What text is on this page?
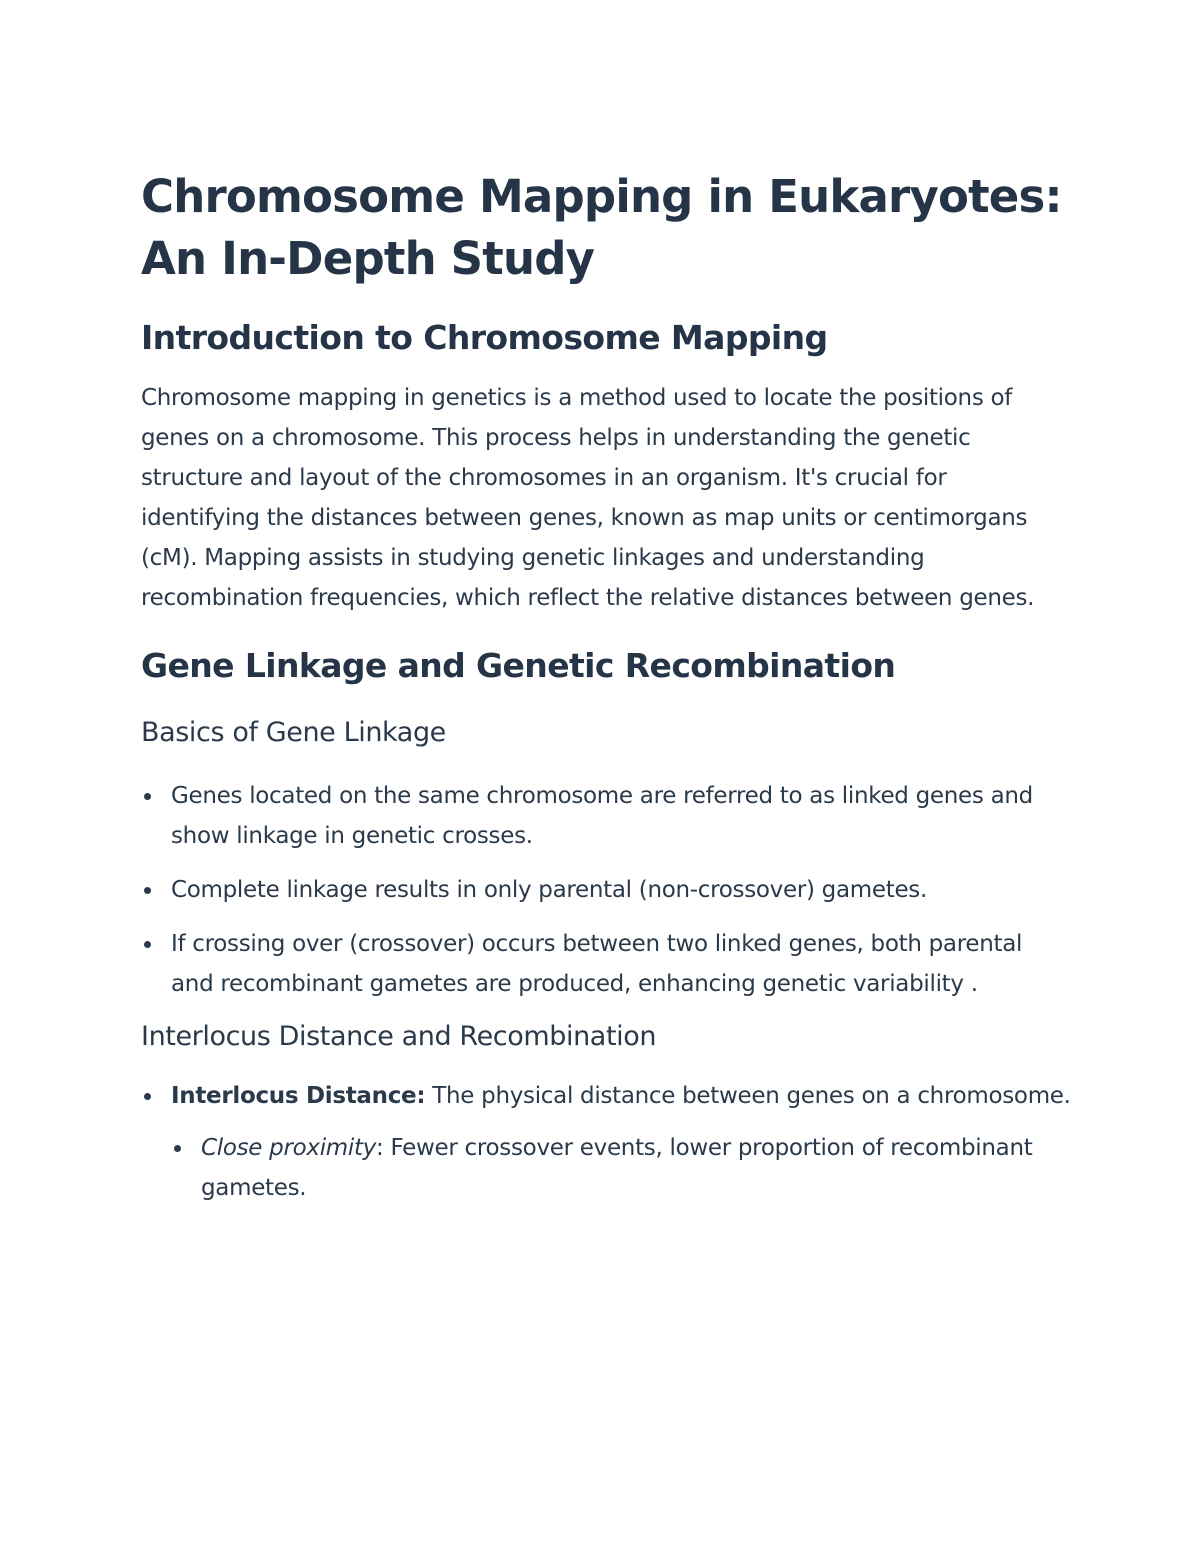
Chromosome Mapping in Eukaryotes: An In-Depth Study
Introduction to Chromosome Mapping

Chromosome mapping in genetics is a method used to locate the positions of genes on a chromosome. This process helps in understanding the genetic structure and layout of the chromosomes in an organism. It's crucial for identifying the distances between genes, known as map units or centimorgans (cM). Mapping assists in studying genetic linkages and understanding recombination frequencies, which reflect the relative distances between genes.

Gene Linkage and Genetic Recombination
Basics of Gene Linkage
Genes located on the same chromosome are referred to as linked genes and show linkage in genetic crosses.
Complete linkage results in only parental (non-crossover) gametes.
If crossing over (crossover) occurs between two linked genes, both parental and recombinant gametes are produced, enhancing genetic variability .
Interlocus Distance and Recombination
Interlocus Distance: The physical distance between genes on a chromosome.
Close proximity: Fewer crossover events, lower proportion of recombinant gametes.
